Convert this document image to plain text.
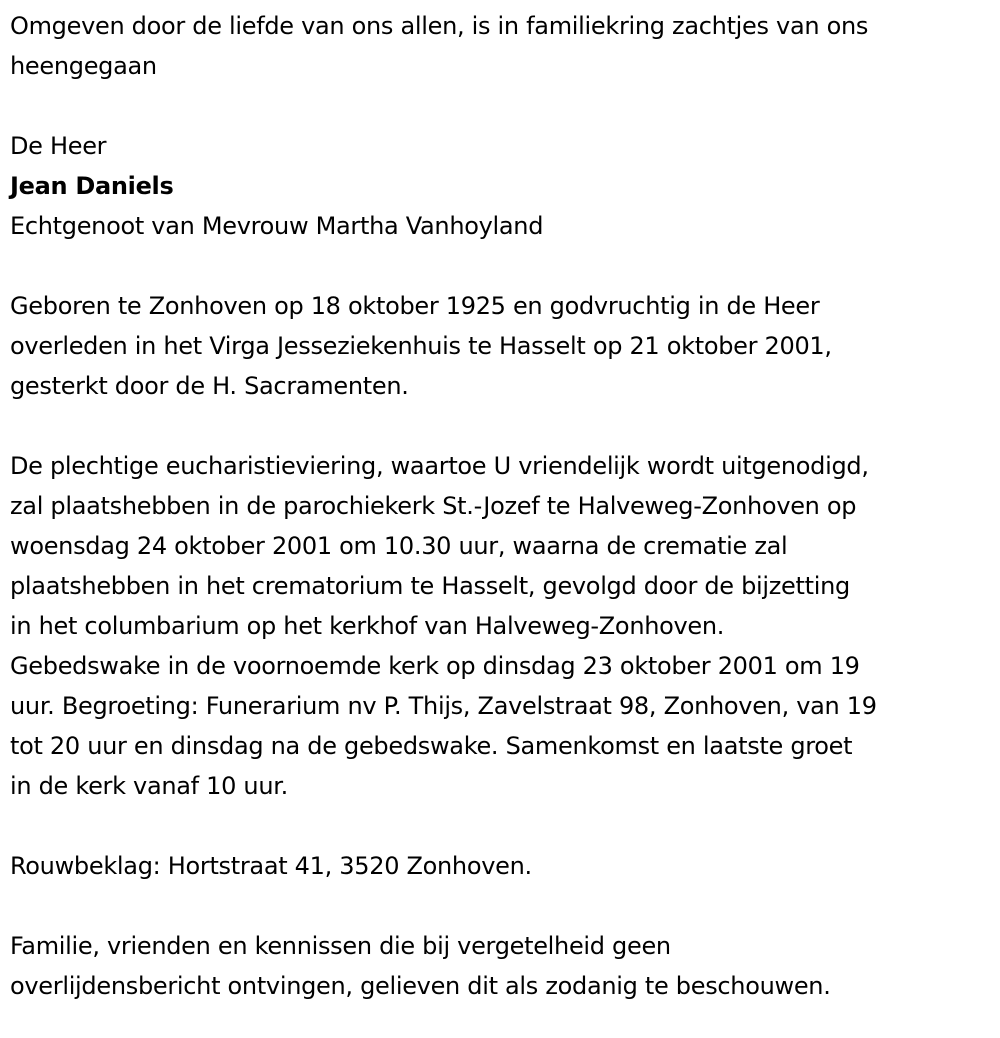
Omgeven door de liefde van ons allen, is in familiekring zachtjes van ons
heengegaan
De Heer
Jean Daniels
Echtgenoot van Mevrouw Martha Vanhoyland
Geboren te Zonhoven op 18 oktober 1925 en godvruchtig in de Heer
overleden in het Virga Jesseziekenhuis te Hasselt op 21 oktober 2001,
gesterkt door de H. Sacramenten.
De plechtige eucharistieviering, waartoe U vriendelijk wordt uitgenodigd,
zal plaatshebben in de parochiekerk St.-Jozef te Halveweg-Zonhoven op
woensdag 24 oktober 2001 om 10.30 uur, waarna de crematie zal
plaatshebben in het crematorium te Hasselt, gevolgd door de bijzetting
in het columbarium op het kerkhof van Halveweg-Zonhoven.
Gebedswake in de voornoemde kerk op dinsdag 23 oktober 2001 om 19
uur. Begroeting: Funerarium nv P. Thijs, Zavelstraat 98, Zonhoven, van 19
tot 20 uur en dinsdag na de gebedswake. Samenkomst en laatste groet
in de kerk vanaf 10 uur.
Rouwbeklag: Hortstraat 41, 3520 Zonhoven.
Familie, vrienden en kennissen die bij vergetelheid geen
overlijdensbericht ontvingen, gelieven dit als zodanig te beschouwen.
